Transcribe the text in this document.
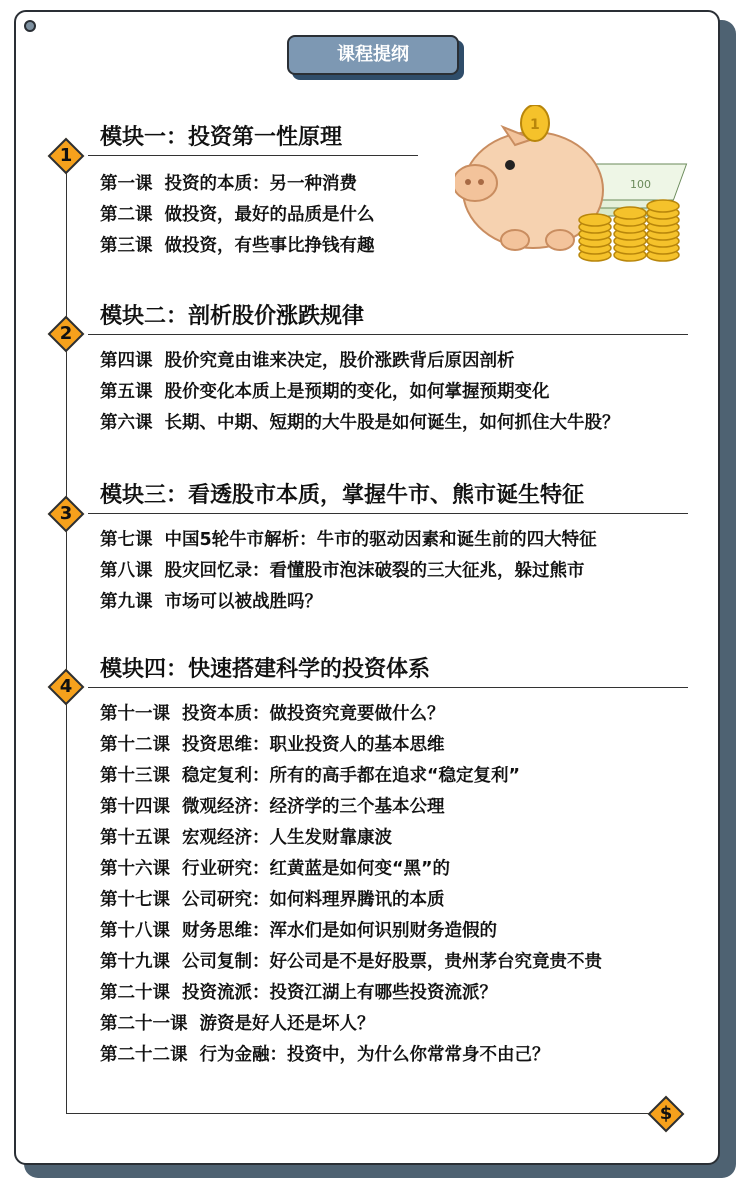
课程提纲
100
1
1
模块一：投资第一性原理
第一课 投资的本质：另一种消费
第二课 做投资，最好的品质是什么
第三课 做投资，有些事比挣钱有趣
2
模块二：剖析股价涨跌规律
第四课 股价究竟由谁来决定，股价涨跌背后原因剖析
第五课 股价变化本质上是预期的变化，如何掌握预期变化
第六课 长期、中期、短期的大牛股是如何诞生，如何抓住大牛股？
3
模块三：看透股市本质，掌握牛市、熊市诞生特征
第七课 中国5轮牛市解析：牛市的驱动因素和诞生前的四大特征
第八课 股灾回忆录：看懂股市泡沫破裂的三大征兆，躲过熊市
第九课 市场可以被战胜吗？
4
模块四：快速搭建科学的投资体系
第十一课 投资本质：做投资究竟要做什么？
第十二课 投资思维：职业投资人的基本思维
第十三课 稳定复利：所有的高手都在追求“稳定复利”
第十四课 微观经济：经济学的三个基本公理
第十五课 宏观经济：人生发财靠康波
第十六课 行业研究：红黄蓝是如何变“黑”的
第十七课 公司研究：如何料理界腾讯的本质
第十八课 财务思维：浑水们是如何识别财务造假的
第十九课 公司复制：好公司是不是好股票，贵州茅台究竟贵不贵
第二十课 投资流派：投资江湖上有哪些投资流派？
第二十一课 游资是好人还是坏人？
第二十二课 行为金融：投资中，为什么你常常身不由己？
$
